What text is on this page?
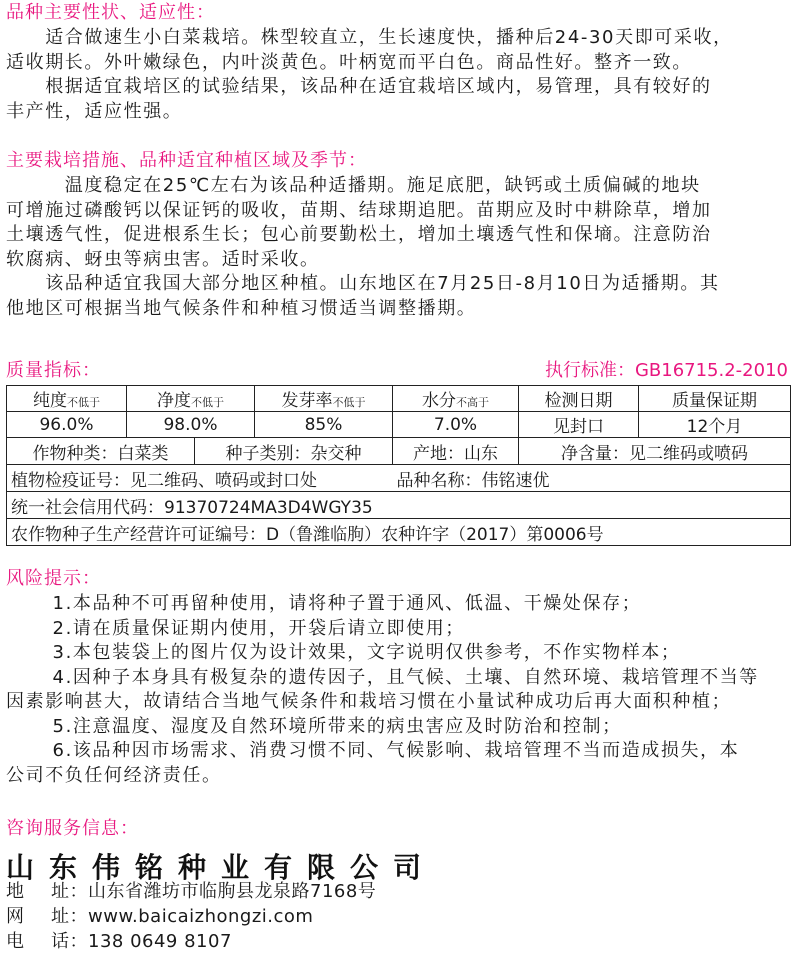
品种主要性状、适应性：
　　适合做速生小白菜栽培。株型较直立，生长速度快，播种后24-30天即可采收，
适收期长。外叶嫩绿色，内叶淡黄色。叶柄宽而平白色。商品性好。整齐一致。
　　根据适宜栽培区的试验结果，该品种在适宜栽培区域内，易管理，具有较好的
丰产性，适应性强。
主要栽培措施、品种适宜种植区域及季节：
　　　温度稳定在25℃左右为该品种适播期。施足底肥，缺钙或土质偏碱的地块
可增施过磷酸钙以保证钙的吸收，苗期、结球期追肥。苗期应及时中耕除草，增加
土壤透气性，促进根系生长；包心前要勤松土，增加土壤透气性和保墒。注意防治
软腐病、蚜虫等病虫害。适时采收。
　　该品种适宜我国大部分地区种植。山东地区在7月25日-8月10日为适播期。其
他地区可根据当地气候条件和种植习惯适当调整播期。
质量指标：	执行标准：GB16715.2-2010
纯度不低于	净度不低于		发芽率不低于	水分不高于	检测日期	质量保证期
96.0%	98.0%		85%	7.0%	见封口	12个月
作物种类：白菜类		种子类别：杂交种		产地：山东	净含量：见二维码或喷码	
植物检疫证号：见二维码、喷码或封口处				品种名称：伟铭速优		
统一社会信用代码：91370724MA3D4WGY35						
农作物种子生产经营许可证编号：D（鲁潍临朐）农种许字（2017）第0006号						
风险提示：
　　 1.本品种不可再留种使用，请将种子置于通风、低温、干燥处保存；
　　 2.请在质量保证期内使用，开袋后请立即使用；
　　 3.本包装袋上的图片仅为设计效果，文字说明仅供参考，不作实物样本；
　　 4.因种子本身具有极复杂的遗传因子，且气候、土壤、自然环境、栽培管理不当等
因素影响甚大，故请结合当地气候条件和栽培习惯在小量试种成功后再大面积种植；
　　 5.注意温度、湿度及自然环境所带来的病虫害应及时防治和控制；
　　 6.该品种因市场需求、消费习惯不同、气候影响、栽培管理不当而造成损失，本
公司不负任何经济责任。
咨询服务信息：
山东伟铭种业有限公司
地 址：山东省潍坊市临朐县龙泉路7168号
网 址：www.baicaizhongzi.com
电 话：138 0649 8107
